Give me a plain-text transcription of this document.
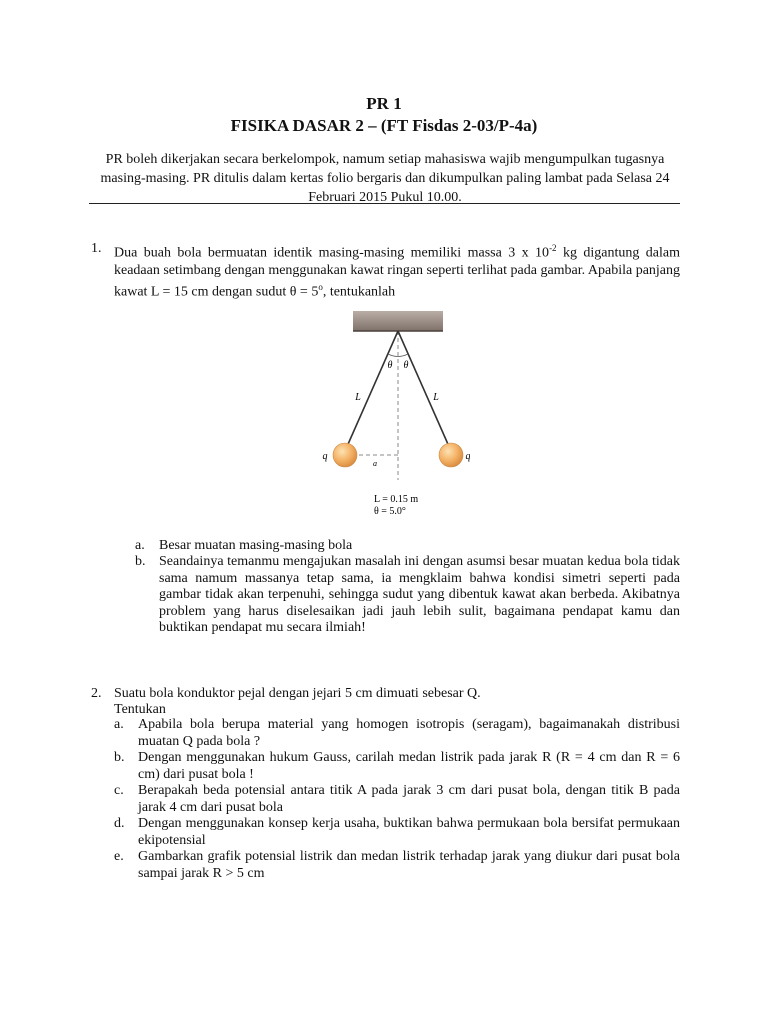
PR 1
FISIKA DASAR 2 – (FT Fisdas 2-03/P-4a)
PR boleh dikerjakan secara berkelompok, namum setiap mahasiswa wajib mengumpulkan tugasnya masing-masing. PR ditulis dalam kertas folio bergaris dan dikumpulkan paling lambat pada Selasa 24 Februari 2015 Pukul 10.00.
1. Dua buah bola bermuatan identik masing-masing memiliki massa 3 x $10^{-2}$ kg digantung dalam keadaan setimbang dengan menggunakan kawat ringan seperti terlihat pada gambar. Apabila panjang kawat L = 15 cm dengan sudut $\theta = 5^o$, tentukanlah
θ θ
L	L
q	q
a
L = 0.15 m
θ = 5.0°
a. Besar muatan masing-masing bola
b. Seandainya temanmu mengajukan masalah ini dengan asumsi besar muatan kedua bola tidak sama namum massanya tetap sama, ia mengklaim bahwa kondisi simetri seperti pada gambar tidak akan terpenuhi, sehingga sudut yang dibentuk kawat akan berbeda. Akibatnya problem yang harus diselesaikan jadi jauh lebih sulit, bagaimana pendapat kamu dan buktikan pendapat mu secara ilmiah!
2. Suatu bola konduktor pejal dengan jejari 5 cm dimuati sebesar Q.
Tentukan
a. Apabila bola berupa material yang homogen isotropis (seragam), bagaimanakah distribusi muatan Q pada bola ?
b. Dengan menggunakan hukum Gauss, carilah medan listrik pada jarak R (R = 4 cm dan R = 6 cm) dari pusat bola !
c. Berapakah beda potensial antara titik A pada jarak 3 cm dari pusat bola, dengan titik B pada jarak 4 cm dari pusat bola
d. Dengan menggunakan konsep kerja usaha, buktikan bahwa permukaan bola bersifat permukaan ekipotensial
e. Gambarkan grafik potensial listrik dan medan listrik terhadap jarak yang diukur dari pusat bola sampai jarak R > 5 cm
